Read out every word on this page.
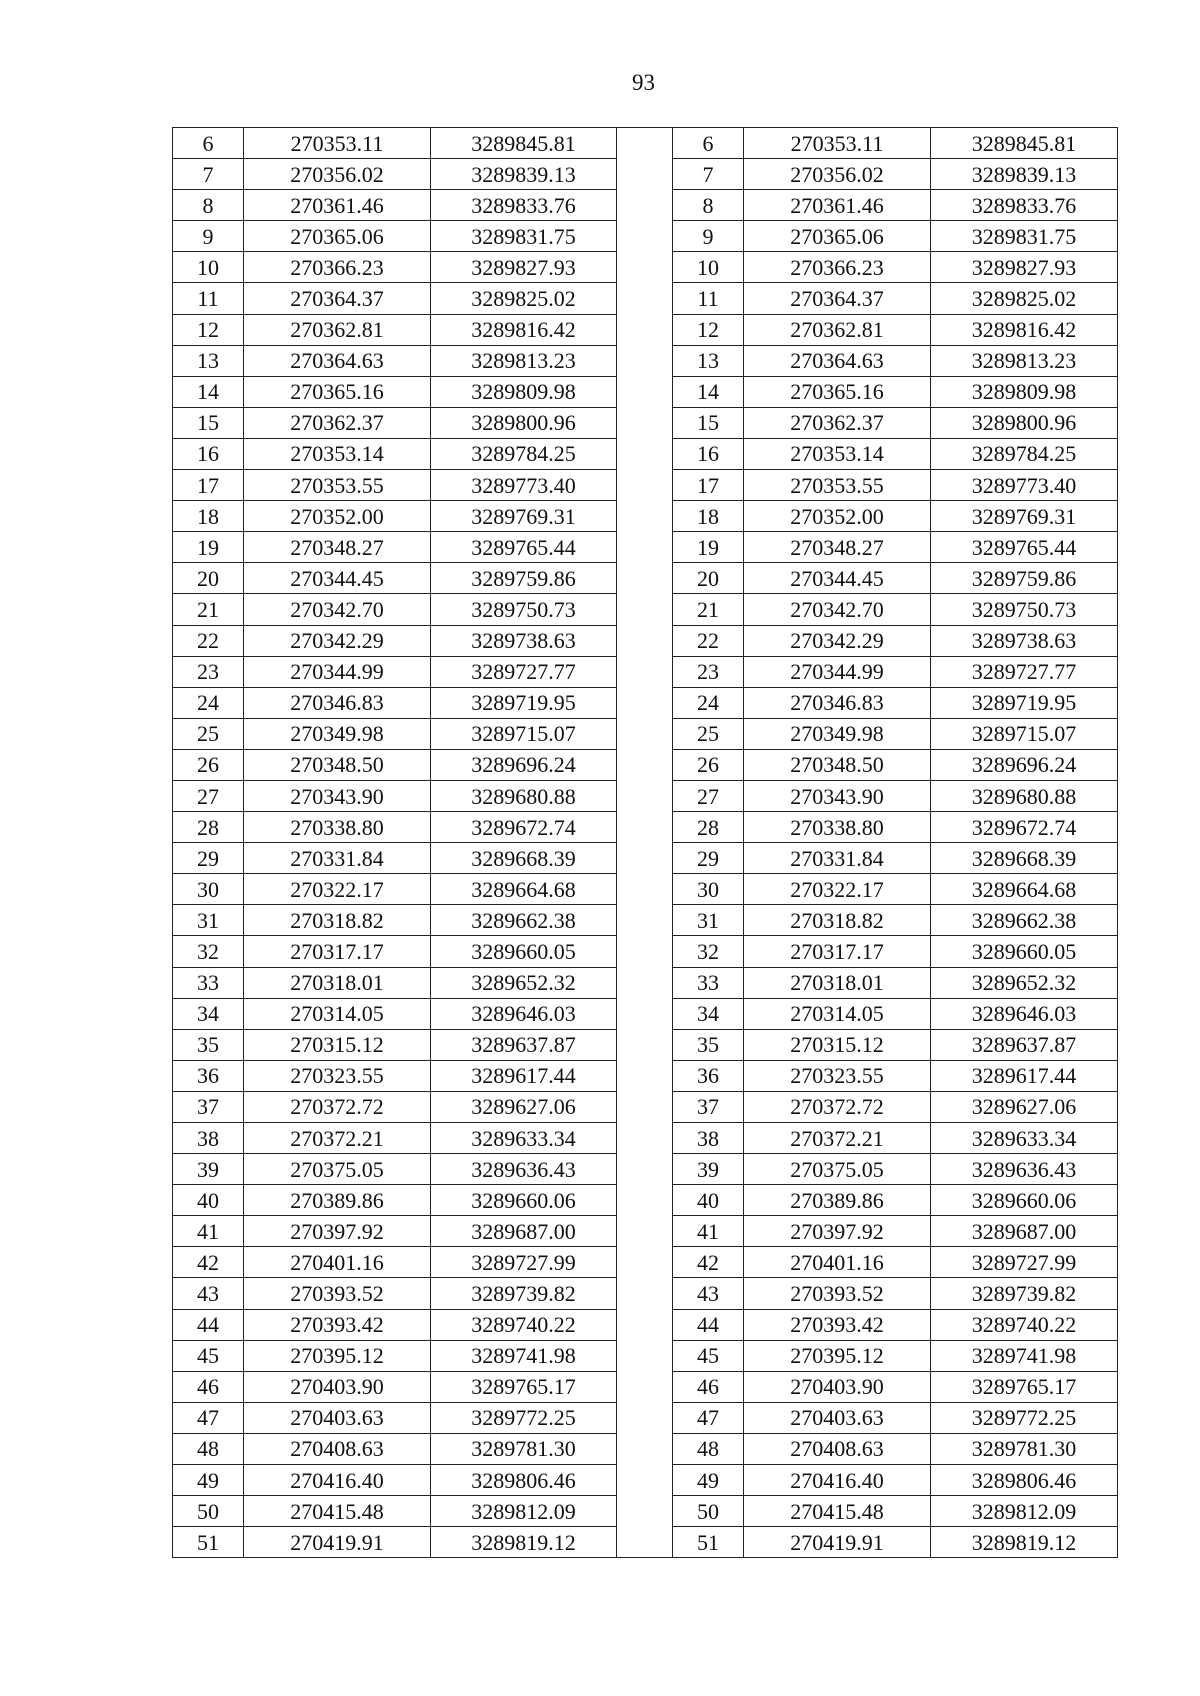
93
6	270353.11	3289845.81		6	270353.11	3289845.81
7	270356.02	3289839.13		7	270356.02	3289839.13
8	270361.46	3289833.76		8	270361.46	3289833.76
9	270365.06	3289831.75		9	270365.06	3289831.75
10	270366.23	3289827.93		10	270366.23	3289827.93
11	270364.37	3289825.02		11	270364.37	3289825.02
12	270362.81	3289816.42		12	270362.81	3289816.42
13	270364.63	3289813.23		13	270364.63	3289813.23
14	270365.16	3289809.98		14	270365.16	3289809.98
15	270362.37	3289800.96		15	270362.37	3289800.96
16	270353.14	3289784.25		16	270353.14	3289784.25
17	270353.55	3289773.40		17	270353.55	3289773.40
18	270352.00	3289769.31		18	270352.00	3289769.31
19	270348.27	3289765.44		19	270348.27	3289765.44
20	270344.45	3289759.86		20	270344.45	3289759.86
21	270342.70	3289750.73		21	270342.70	3289750.73
22	270342.29	3289738.63		22	270342.29	3289738.63
23	270344.99	3289727.77		23	270344.99	3289727.77
24	270346.83	3289719.95		24	270346.83	3289719.95
25	270349.98	3289715.07		25	270349.98	3289715.07
26	270348.50	3289696.24		26	270348.50	3289696.24
27	270343.90	3289680.88		27	270343.90	3289680.88
28	270338.80	3289672.74		28	270338.80	3289672.74
29	270331.84	3289668.39		29	270331.84	3289668.39
30	270322.17	3289664.68		30	270322.17	3289664.68
31	270318.82	3289662.38		31	270318.82	3289662.38
32	270317.17	3289660.05		32	270317.17	3289660.05
33	270318.01	3289652.32		33	270318.01	3289652.32
34	270314.05	3289646.03		34	270314.05	3289646.03
35	270315.12	3289637.87		35	270315.12	3289637.87
36	270323.55	3289617.44		36	270323.55	3289617.44
37	270372.72	3289627.06		37	270372.72	3289627.06
38	270372.21	3289633.34		38	270372.21	3289633.34
39	270375.05	3289636.43		39	270375.05	3289636.43
40	270389.86	3289660.06		40	270389.86	3289660.06
41	270397.92	3289687.00		41	270397.92	3289687.00
42	270401.16	3289727.99		42	270401.16	3289727.99
43	270393.52	3289739.82		43	270393.52	3289739.82
44	270393.42	3289740.22		44	270393.42	3289740.22
45	270395.12	3289741.98		45	270395.12	3289741.98
46	270403.90	3289765.17		46	270403.90	3289765.17
47	270403.63	3289772.25		47	270403.63	3289772.25
48	270408.63	3289781.30		48	270408.63	3289781.30
49	270416.40	3289806.46		49	270416.40	3289806.46
50	270415.48	3289812.09		50	270415.48	3289812.09
51	270419.91	3289819.12		51	270419.91	3289819.12
